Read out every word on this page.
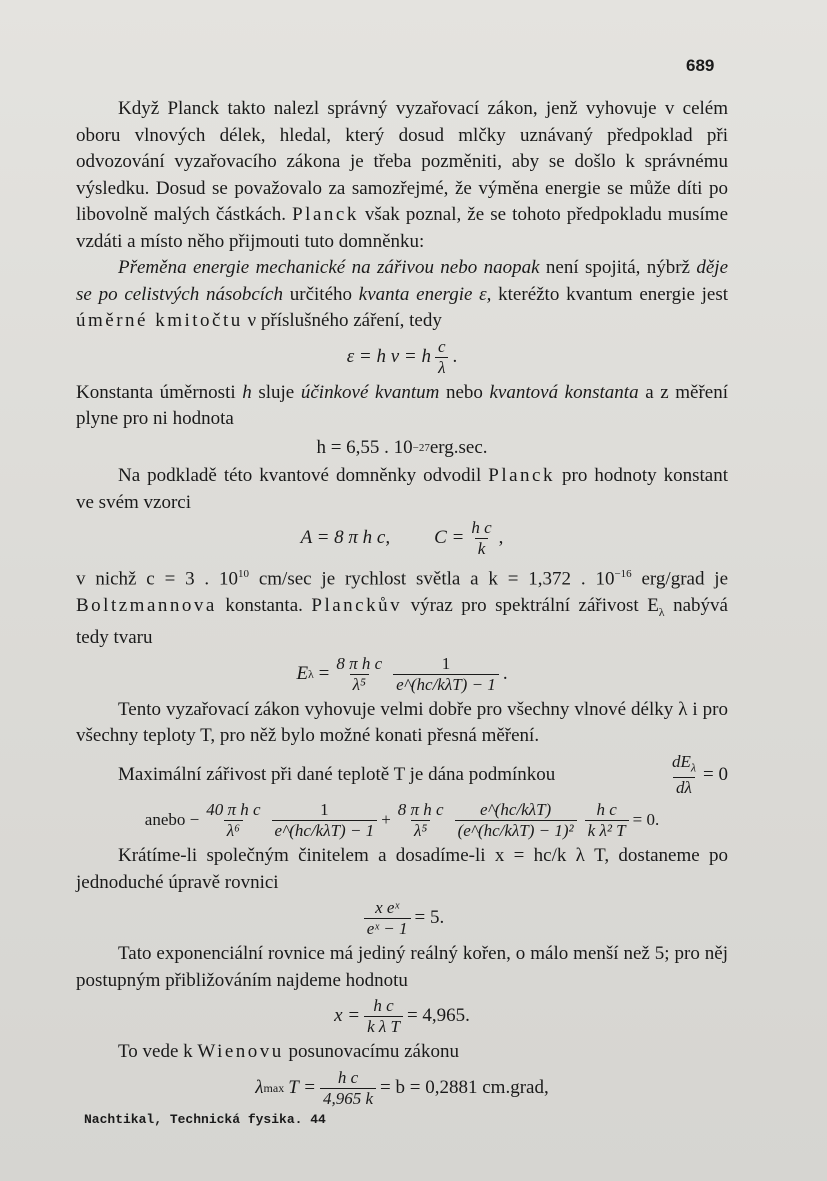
689

Když Planck takto nalezl správný vyzařovací zákon, jenž vyhovuje v celém oboru vlnových délek, hledal, který dosud mlčky uznávaný předpoklad při odvozování vyzařovacího zákona je třeba pozměniti, aby se došlo k správnému výsledku. Dosud se považovalo za samozřejmé, že výměna energie se může díti po libovolně malých částkách. Planck však poznal, že se tohoto předpokladu musíme vzdáti a místo něho přijmouti tuto domněnku:

Přeměna energie mechanické na zářivou nebo naopak není spojitá, nýbrž děje se po celistvých násobcích určitého kvanta energie ε, kteréžto kvantum energie jest úměrné kmitočtu ν příslušného záření, tedy

ε = h ν = h $\frac{c}{\lambda}$ .

Konstanta úměrnosti h sluje účinkové kvantum nebo kvantová konstanta a z měření plyne pro ni hodnota

h = 6,55 . 10 −27 erg.sec.

Na podkladě této kvantové domněnky odvodil Planck pro hodnoty konstant ve svém vzorci

A = 8 π h c, $C = \frac{\text{h c}}{k}$ ,

v nichž c = 3 . $10^{10}$ cm/sec je rychlost světla a k = 1,372 . $10^{-16}$ erg/grad je Boltzmannova konstanta. Planckův výraz pro spektrální zářivost $E_\lambda$ nabývá tedy tvaru

E $\lambda = \frac{\text{8 π h c}}{\text{λ⁵}} \frac{1}{\text{e\textasciicircum{}(hc/kλT) − 1}}$ .

Tento vyzařovací zákon vyhovuje velmi dobře pro všechny vlnové délky λ i pro všechny teploty T, pro něž bylo možné konati přesná měření.

Maximální zářivost při dané teplotě T je dána podmínkou	$\frac{dE_\lambda}{d\lambda} = 0$
anebo − $\frac{\text{40 π h c}}{\text{λ⁶}} \frac{1}{\text{e\textasciicircum{}(hc/kλT) − 1}} + \frac{\text{8 π h c}}{\text{λ⁵}} \frac{\text{e\textasciicircum{}(hc/kλT)}}{\text{(e\textasciicircum{}(hc/kλT) − 1)²}} \frac{\text{h c}}{\text{k λ² T}} = 0$.

Krátíme-li společným činitelem a dosadíme-li x = hc/k λ T, dostaneme po jednoduché úpravě rovnici

$\frac{\text{x eˣ}}{\text{eˣ − 1}} = 5$.

Tato exponenciální rovnice má jediný reálný kořen, o málo menší než 5; pro něj postupným přibližováním najdeme hodnotu

$x = \frac{\text{h c}}{\text{k λ T}} = 4,965$.

To vede k Wienovu posunovacímu zákonu

λ $\max T = \frac{\text{h c}}{4,965 k} = b = 0,2881$ cm.grad,
Nachtikal, Technická fysika. 44
